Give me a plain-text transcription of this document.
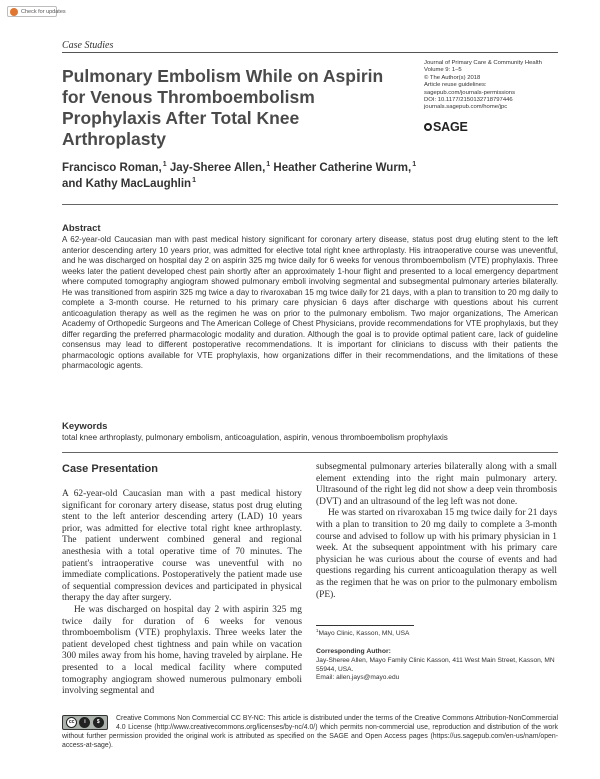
Check for updates
Case Studies
Pulmonary Embolism While on Aspirin for Venous Thromboembolism Prophylaxis After Total Knee Arthroplasty
Journal of Primary Care & Community Health
Volume 9: 1–5
© The Author(s) 2018
Article reuse guidelines:
sagepub.com/journals-permissions
DOI: 10.1177/2150132718797446
journals.sagepub.com/home/jpc
SAGE
Francisco Roman,$^1$ Jay-Sheree Allen,$^1$ Heather Catherine Wurm,$^1$
and Kathy MacLaughlin$^1$
Abstract

A 62-year-old Caucasian man with past medical history significant for coronary artery disease, status post drug eluting stent to the left anterior descending artery 10 years prior, was admitted for elective total right knee arthroplasty. His intraoperative course was uneventful, and he was discharged on hospital day 2 on aspirin 325 mg twice daily for 6 weeks for venous thromboembolism (VTE) prophylaxis. Three weeks later the patient developed chest pain shortly after an approximately 1-hour flight and presented to a local emergency department where computed tomography angiogram showed pulmonary emboli involving segmental and subsegmental pulmonary arteries bilaterally. He was transitioned from aspirin 325 mg twice a day to rivaroxaban 15 mg twice daily for 21 days, with a plan to transition to 20 mg daily to complete a 3-month course. He returned to his primary care physician 6 days after discharge with questions about his current anticoagulation therapy as well as the regimen he was on prior to the pulmonary embolism. Two major organizations, The American Academy of Orthopedic Surgeons and The American College of Chest Physicians, provide recommendations for VTE prophylaxis, but they differ regarding the preferred pharmacologic modality and duration. Although the goal is to provide optimal patient care, lack of guideline consensus may lead to different postoperative recommendations. It is important for clinicians to discuss with their patients the pharmacologic options available for VTE prophylaxis, how organizations differ in their recommendations, and the limitations of these pharmacologic agents.

Keywords
total knee arthroplasty, pulmonary embolism, anticoagulation, aspirin, venous thromboembolism prophylaxis
Case Presentation

A 62-year-old Caucasian man with a past medical history significant for coronary artery disease, status post drug eluting stent to the left anterior descending artery (LAD) 10 years prior, was admitted for elective total right knee arthroplasty. The patient underwent combined general and regional anesthesia with a total operative time of 70 minutes. The patient's intraoperative course was uneventful with no immediate complications. Postoperatively the patient made use of sequential compression devices and participated in physical therapy the day after surgery.

He was discharged on hospital day 2 with aspirin 325 mg twice daily for duration of 6 weeks for venous thromboembolism (VTE) prophylaxis. Three weeks later the patient developed chest tightness and pain while on vacation 300 miles away from his home, having traveled by airplane. He presented to a local medical facility where computed tomography angiogram showed numerous pulmonary emboli involving segmental and

subsegmental pulmonary arteries bilaterally along with a small element extending into the right main pulmonary artery. Ultrasound of the right leg did not show a deep vein thrombosis (DVT) and an ultrasound of the leg left was not done.

He was started on rivaroxaban 15 mg twice daily for 21 days with a plan to transition to 20 mg daily to complete a 3-month course and advised to follow up with his primary physician in 1 week. At the subsequent appointment with his primary care physician he was curious about the course of events and had questions regarding his current anticoagulation therapy as well as the regimen that he was on prior to the pulmonary embolism (PE).

$^1$Mayo Clinic, Kasson, MN, USA
Corresponding Author:
Jay-Sheree Allen, Mayo Family Clinic Kasson, 411 West Main Street, Kasson, MN 55944, USA.
Email: allen.jays@mayo.edu
cc	i	$	Creative Commons Non Commercial CC BY-NC: This article is distributed under the terms of the Creative Commons Attribution-NonCommercial 4.0 License (http://www.creativecommons.org/licenses/by-nc/4.0/) which permits non-commercial use, reproduction and distribution of the work without further permission provided the original work is attributed as specified on the SAGE and Open Access pages (https://us.sagepub.com/en-us/nam/open-access-at-sage).
